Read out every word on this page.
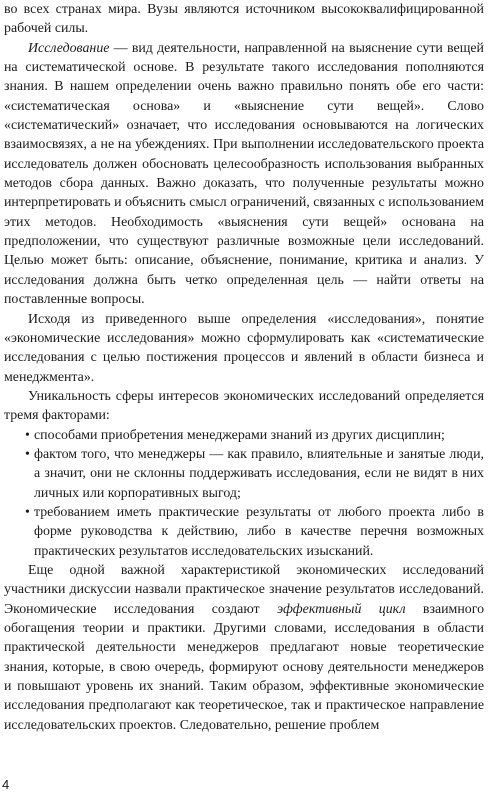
во всех странах мира. Вузы являются источником высококвалифицированной рабочей силы.

Исследование — вид деятельности, направленной на выяснение сути вещей на систематической основе. В результате такого исследования пополняются знания. В нашем определении очень важно правильно понять обе его части: «систематическая основа» и «выяснение сути вещей». Слово «систематический» означает, что исследования основываются на логических взаимосвязях, а не на убеждениях. При выполнении исследовательского проекта исследователь должен обосновать целесообразность использования выбранных методов сбора данных. Важно доказать, что полученные результаты можно интерпретировать и объяснить смысл ограничений, связанных с использованием этих методов. Необходимость «выяснения сути вещей» основана на предположении, что существуют различные возможные цели исследований. Целью может быть: описание, объяснение, понимание, критика и анализ. У исследования должна быть четко определенная цель — найти ответы на поставленные вопросы.

Исходя из приведенного выше определения «исследования», понятие «экономические исследования» можно сформулировать как «систематические исследования с целью постижения процессов и явлений в области бизнеса и менеджмента».

Уникальность сферы интересов экономических исследований определяется тремя факторами:

• способами приобретения менеджерами знаний из других дисциплин;
• фактом того, что менеджеры — как правило, влиятельные и занятые люди, а значит, они не склонны поддерживать исследования, если не видят в них личных или корпоративных выгод;
• требованием иметь практические результаты от любого проекта либо в форме руководства к действию, либо в качестве перечня возможных практических результатов исследовательских изысканий.

Еще одной важной характеристикой экономических исследований участники дискуссии назвали практическое значение результатов исследований. Экономические исследования создают эффективный цикл взаимного обогащения теории и практики. Другими словами, исследования в области практической деятельности менеджеров предлагают новые теоретические знания, которые, в свою очередь, формируют основу деятельности менеджеров и повышают уровень их знаний. Таким образом, эффективные экономические исследования предполагают как теоретическое, так и практическое направление исследовательских проектов. Следовательно, решение проблем

4
